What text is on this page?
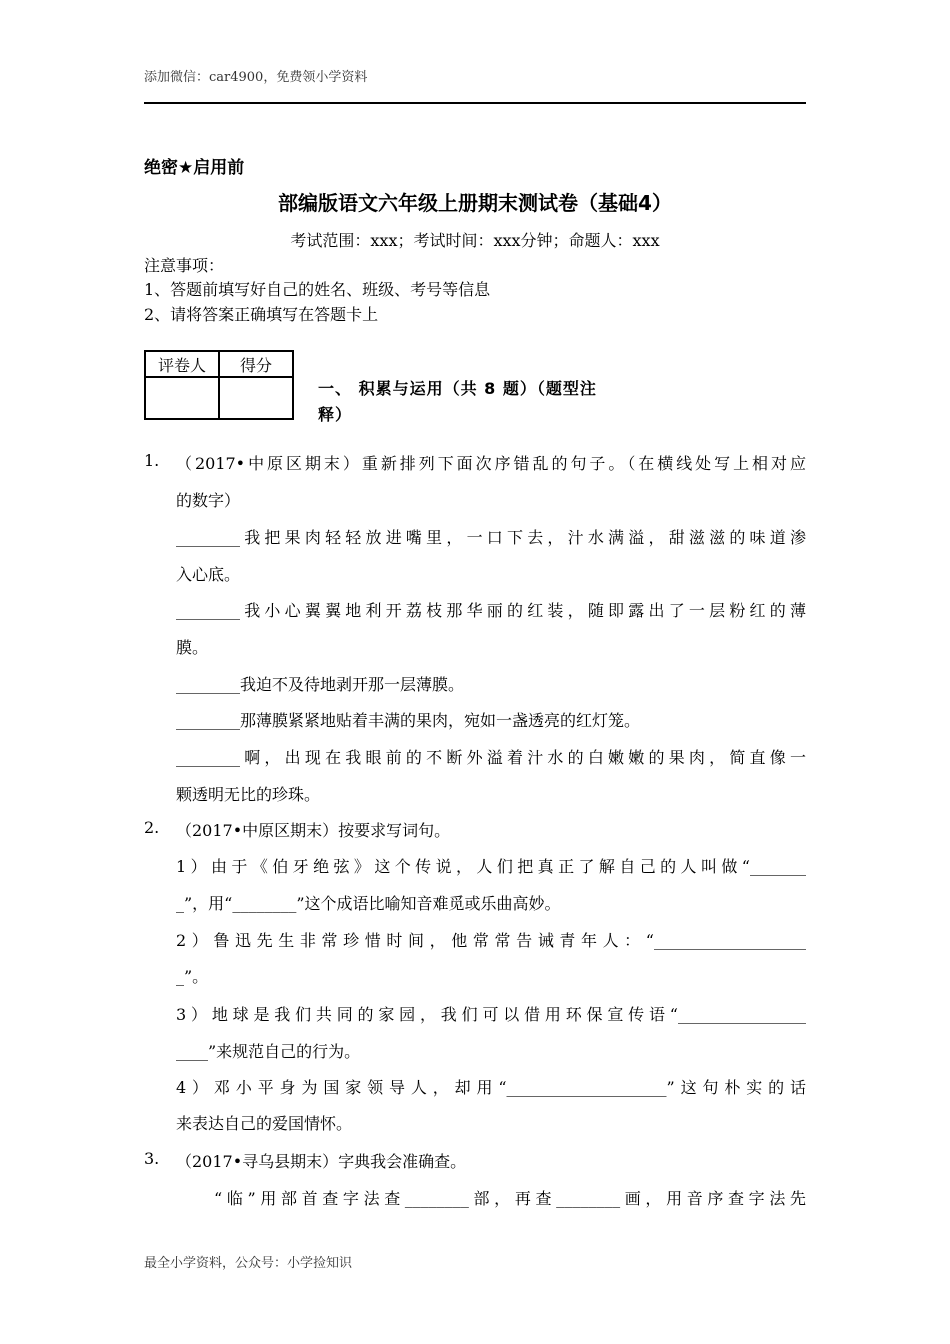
添加微信：car4900，免费领小学资料
绝密★启用前
部编版语文六年级上册期末测试卷（基础4）
考试范围：xxx；考试时间：xxx分钟；命题人：xxx
注意事项：
1、答题前填写好自己的姓名、班级、考号等信息
2、请将答案正确填写在答题卡上
评卷人	得分

一、 积累与运用（共 8 题）（题型注
释）
1. （2017•中原区期末）重新排列下面次序错乱的句子。（在横线处写上相对应
的数字）
________我把果肉轻轻放进嘴里，一口下去，汁水满溢，甜滋滋的味道渗
入心底。
________我小心翼翼地利开荔枝那华丽的红装，随即露出了一层粉红的薄
膜。
________我迫不及待地剥开那一层薄膜。
________那薄膜紧紧地贴着丰满的果肉，宛如一盏透亮的红灯笼。
________啊，出现在我眼前的不断外溢着汁水的白嫩嫩的果肉，简直像一
颗透明无比的珍珠。
2. （2017•中原区期末）按要求写词句。
1）由于《伯牙绝弦》这个传说，人们把真正了解自己的人叫做“_______
_”，用“________”这个成语比喻知音难觅或乐曲高妙。
2）鲁迅先生非常珍惜时间，他常常告诫青年人：“___________________
_”。
3）地球是我们共同的家园，我们可以借用环保宣传语“________________
____”来规范自己的行为。
4）邓小平身为国家领导人，却用“____________________”这句朴实的话
来表达自己的爱国情怀。
3. （2017•寻乌县期末）字典我会准确查。
“临”用部首查字法查________部，再查________画，用音序查字法先
最全小学资料，公众号：小学捡知识
